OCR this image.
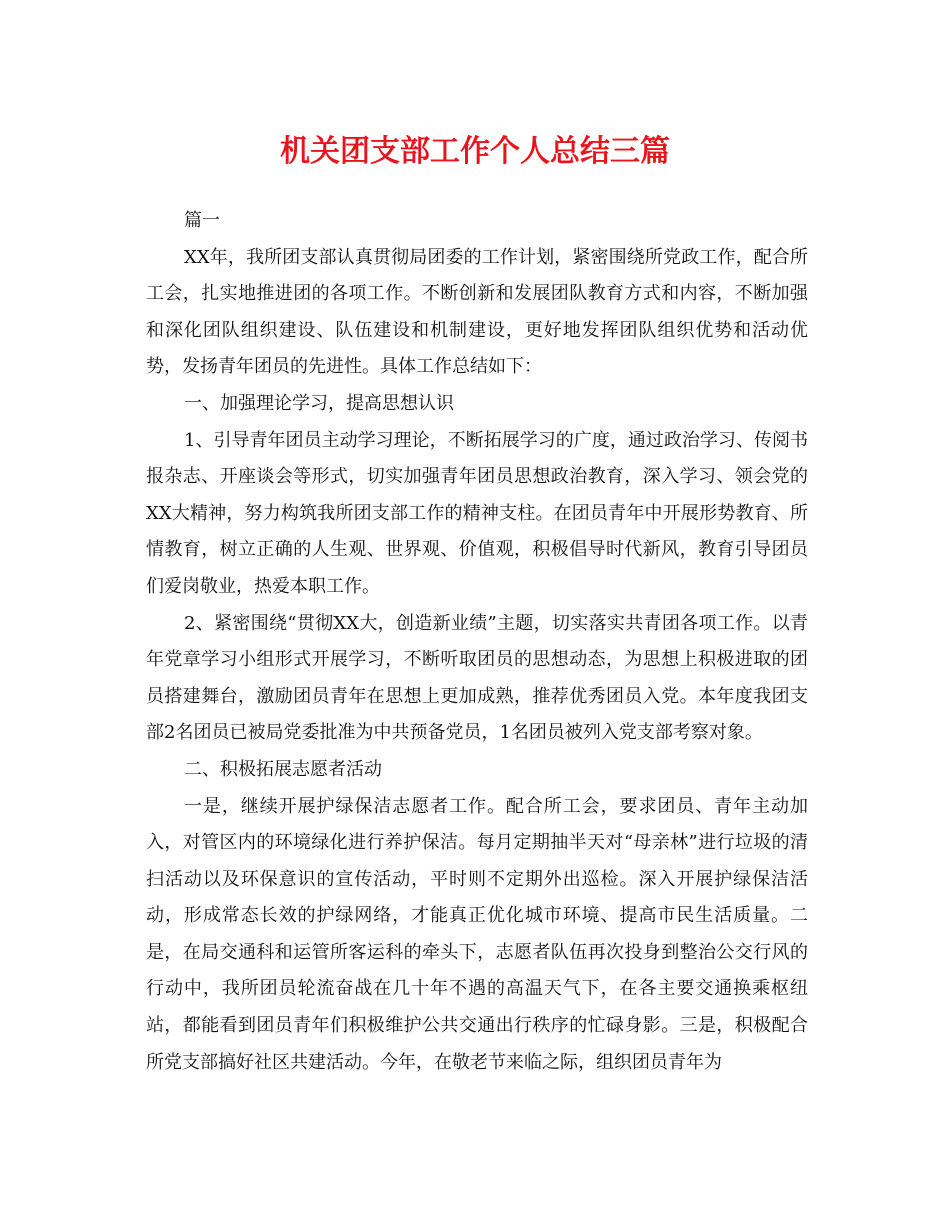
机关团支部工作个人总结三篇

篇一

XX年，我所团支部认真贯彻局团委的工作计划，紧密围绕所党政工作，配合所工会，扎实地推进团的各项工作。不断创新和发展团队教育方式和内容，不断加强和深化团队组织建设、队伍建设和机制建设，更好地发挥团队组织优势和活动优势，发扬青年团员的先进性。具体工作总结如下：

一、加强理论学习，提高思想认识

1、引导青年团员主动学习理论，不断拓展学习的广度，通过政治学习、传阅书报杂志、开座谈会等形式，切实加强青年团员思想政治教育，深入学习、领会党的XX大精神，努力构筑我所团支部工作的精神支柱。在团员青年中开展形势教育、所情教育，树立正确的人生观、世界观、价值观，积极倡导时代新风，教育引导团员们爱岗敬业，热爱本职工作。

2、紧密围绕“贯彻XX大，创造新业绩”主题，切实落实共青团各项工作。以青年党章学习小组形式开展学习，不断听取团员的思想动态，为思想上积极进取的团员搭建舞台，激励团员青年在思想上更加成熟，推荐优秀团员入党。本年度我团支部2名团员已被局党委批准为中共预备党员，1名团员被列入党支部考察对象。

二、积极拓展志愿者活动

一是，继续开展护绿保洁志愿者工作。配合所工会，要求团员、青年主动加入，对管区内的环境绿化进行养护保洁。每月定期抽半天对“母亲林”进行垃圾的清扫活动以及环保意识的宣传活动，平时则不定期外出巡检。深入开展护绿保洁活动，形成常态长效的护绿网络，才能真正优化城市环境、提高市民生活质量。二是，在局交通科和运管所客运科的牵头下，志愿者队伍再次投身到整治公交行风的行动中，我所团员轮流奋战在几十年不遇的高温天气下，在各主要交通换乘枢纽站，都能看到团员青年们积极维护公共交通出行秩序的忙碌身影。三是，积极配合所党支部搞好社区共建活动。今年，在敬老节来临之际，组织团员青年为
